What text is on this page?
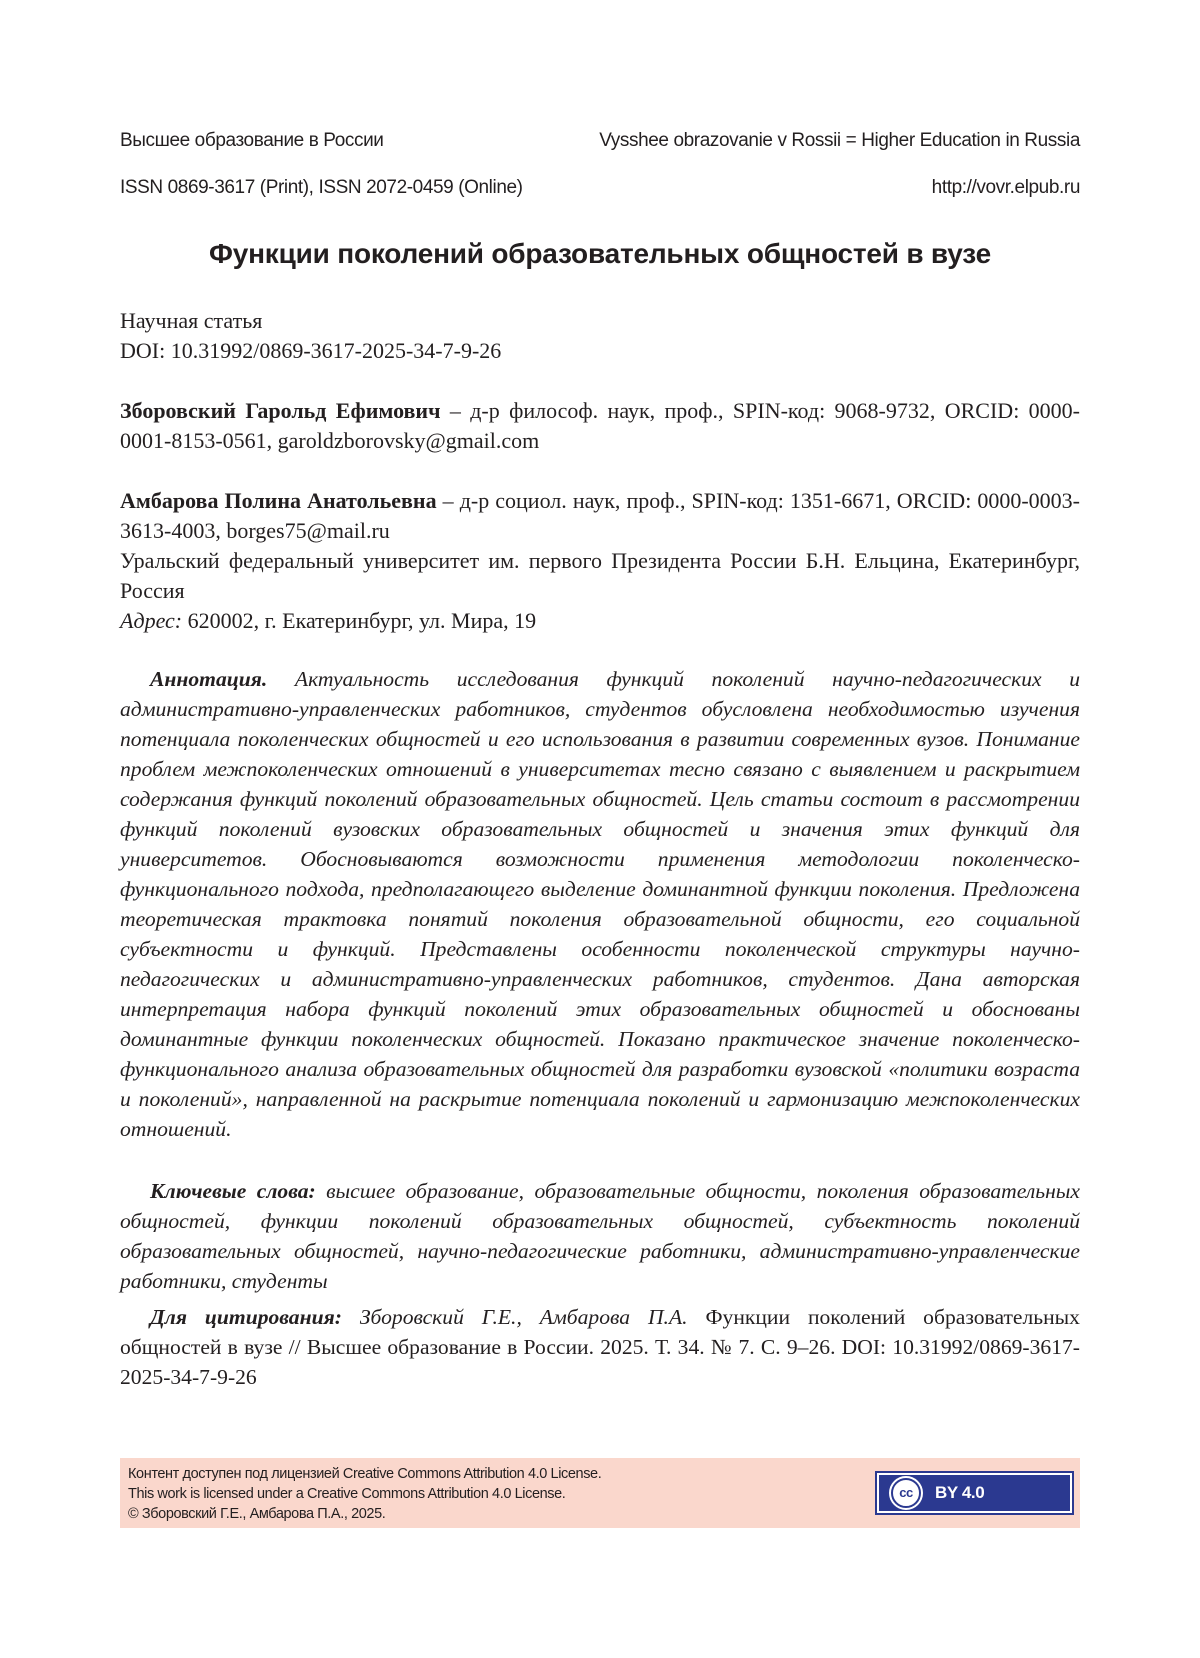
Высшее образование в России	Vysshee obrazovanie v Rossii = Higher Education in Russia
ISSN 0869-3617 (Print), ISSN 2072-0459 (Online)	http://vovr.elpub.ru
Функции поколений образовательных общностей в вузе
Научная статья
DOI: 10.31992/0869-3617-2025-34-7-9-26
Зборовский Гарольд Ефимович – д-р философ. наук, проф., SPIN-код: 9068-9732, ORCID: 0000-0001-8153-0561, garoldzborovsky@gmail.com
Амбарова Полина Анатольевна – д-р социол. наук, проф., SPIN-код: 1351-6671, ORCID: 0000-0003-3613-4003, borges75@mail.ru
Уральский федеральный университет им. первого Президента России Б.Н. Ельцина, Екатеринбург, Россия
Адрес: 620002, г. Екатеринбург, ул. Мира, 19

Аннотация. Актуальность исследования функций поколений научно-педагогических и административно-управленческих работников, студентов обусловлена необходимостью изучения потенциала поколенческих общностей и его использования в развитии современных вузов. Понимание проблем межпоколенческих отношений в университетах тесно связано с выявлением и раскрытием содержания функций поколений образовательных общностей. Цель статьи состоит в рассмотрении функций поколений вузовских образовательных общностей и значения этих функций для университетов. Обосновываются возможности применения методологии поколенческо-функционального подхода, предполагающего выделение доминантной функции поколения. Предложена теоретическая трактовка понятий поколения образовательной общности, его социальной субъектности и функций. Представлены особенности поколенческой структуры научно-педагогических и административно-управленческих работников, студентов. Дана авторская интерпретация набора функций поколений этих образовательных общностей и обоснованы доминантные функции поколенческих общностей. Показано практическое значение поколенческо-функционального анализа образовательных общностей для разработки вузовской «политики возраста и поколений», направленной на раскрытие потенциала поколений и гармонизацию межпоколенческих отношений.

Ключевые слова: высшее образование, образовательные общности, поколения образовательных общностей, функции поколений образовательных общностей, субъектность поколений образовательных общностей, научно-педагогические работники, административно-управленческие работники, студенты

Для цитирования: Зборовский Г.Е., Амбарова П.А. Функции поколений образовательных общностей в вузе // Высшее образование в России. 2025. Т. 34. № 7. С. 9–26. DOI: 10.31992/0869-3617-2025-34-7-9-26

Контент доступен под лицензией Creative Commons Attribution 4.0 License.
This work is licensed under a Creative Commons Attribution 4.0 License.
© Зборовский Г.Е., Амбарова П.А., 2025.
cc	BY 4.0
